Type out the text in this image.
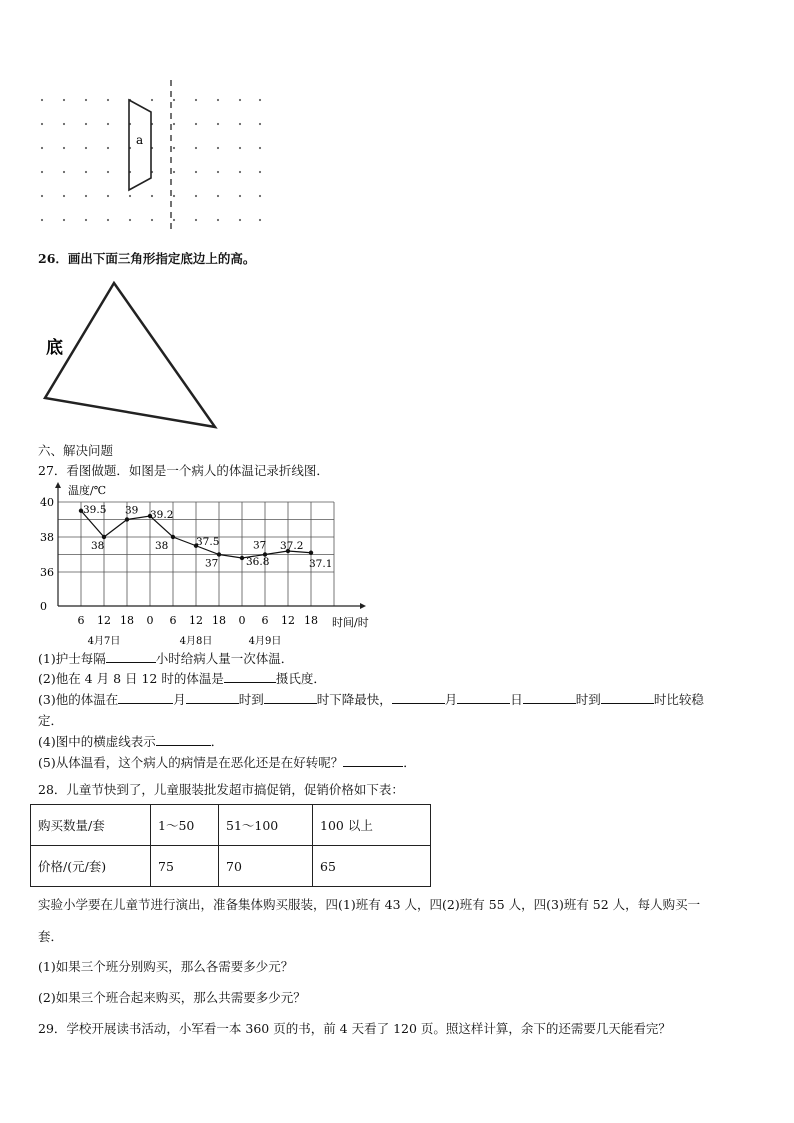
a
26．画出下面三角形指定底边上的高。
底
六、解决问题
27．看图做题．如图是一个病人的体温记录折线图．
温度/℃
时间/时
0
36
38
40
6 12 18 0 6 12 18 0 6 12 18
4月7日	4月8日	4月9日
39.5
38
39 39.2
38	37.5
37	36.8
37 37.2
37.1
(1)护士每隔	小时给病人量一次体温．
(2)他在 4 月 8 日 12 时的体温是	摄氏度．
(3)他的体温在	月	时到	时下降最快，	月	日	时到	时比较稳
定．
(4)图中的横虚线表示	．
(5)从体温看，这个病人的病情是在恶化还是在好转呢？	．
28．儿童节快到了，儿童服装批发超市搞促销，促销价格如下表：
购买数量/套	1～50	51～100	100 以上
价格/(元/套)	75	70	65
实验小学要在儿童节进行演出，准备集体购买服装，四(1)班有 43 人，四(2)班有 55 人，四(3)班有 52 人，每人购买一
套．
(1)如果三个班分别购买，那么各需要多少元？
(2)如果三个班合起来购买，那么共需要多少元？
29．学校开展读书活动，小军看一本 360 页的书，前 4 天看了 120 页。照这样计算，余下的还需要几天能看完？
